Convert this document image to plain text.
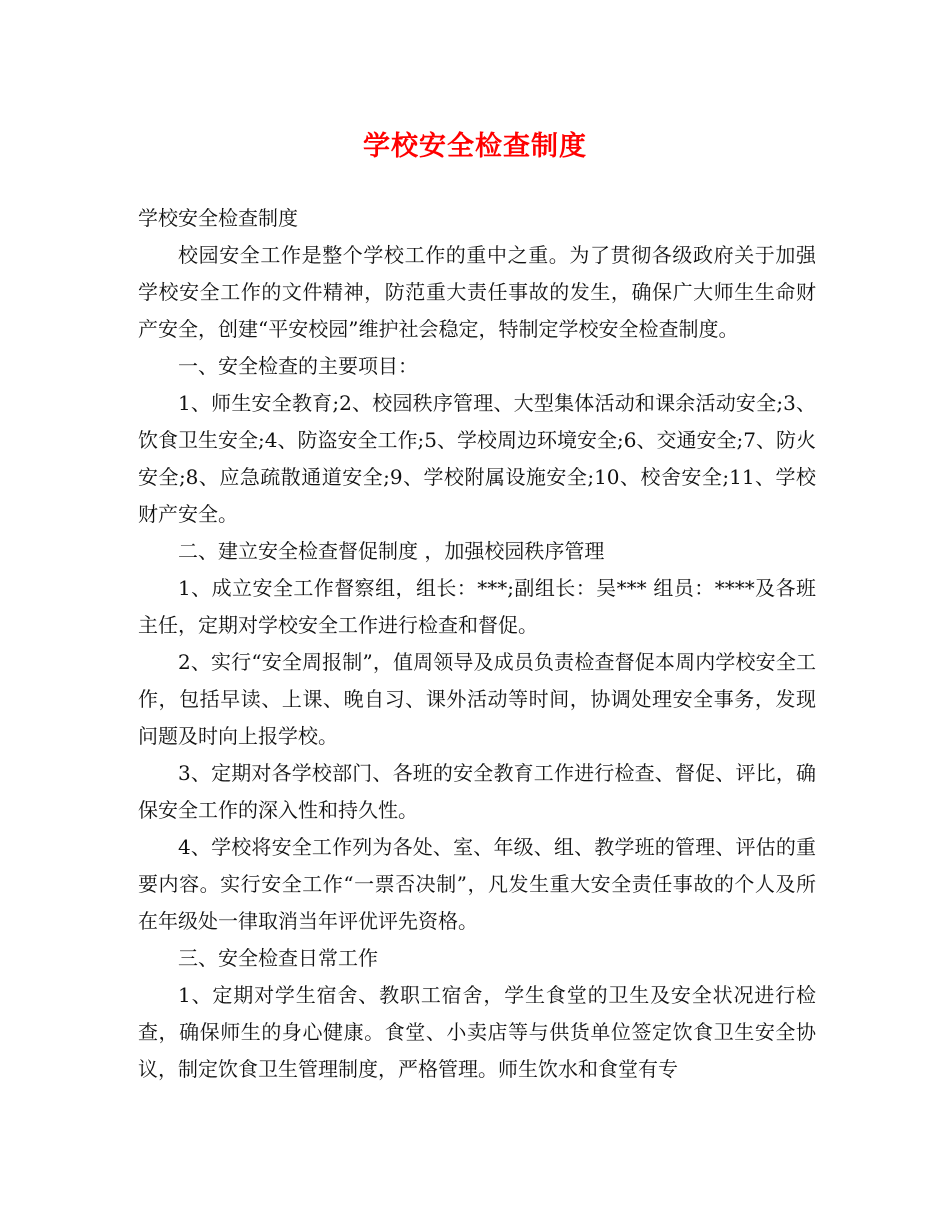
学校安全检查制度

学校安全检查制度

校园安全工作是整个学校工作的重中之重。为了贯彻各级政府关于加强学校安全工作的文件精神，防范重大责任事故的发生，确保广大师生生命财产安全，创建“平安校园”维护社会稳定，特制定学校安全检查制度。

一、安全检查的主要项目：

1、师生安全教育;2、校园秩序管理、大型集体活动和课余活动安全;3、饮食卫生安全;4、防盗安全工作;5、学校周边环境安全;6、交通安全;7、防火安全;8、应急疏散通道安全;9、学校附属设施安全;10、校舍安全;11、学校财产安全。

二、建立安全检查督促制度 ，加强校园秩序管理

1、成立安全工作督察组，组长：***;副组长：吴*** 组员：****及各班主任，定期对学校安全工作进行检查和督促。

2、实行“安全周报制”，值周领导及成员负责检查督促本周内学校安全工作，包括早读、上课、晚自习、课外活动等时间，协调处理安全事务，发现问题及时向上报学校。

3、定期对各学校部门、各班的安全教育工作进行检查、督促、评比，确保安全工作的深入性和持久性。

4、学校将安全工作列为各处、室、年级、组、教学班的管理、评估的重要内容。实行安全工作“一票否决制”，凡发生重大安全责任事故的个人及所在年级处一律取消当年评优评先资格。

三、安全检查日常工作

1、定期对学生宿舍、教职工宿舍，学生食堂的卫生及安全状况进行检查，确保师生的身心健康。食堂、小卖店等与供货单位签定饮食卫生安全协议，制定饮食卫生管理制度，严格管理。师生饮水和食堂有专
